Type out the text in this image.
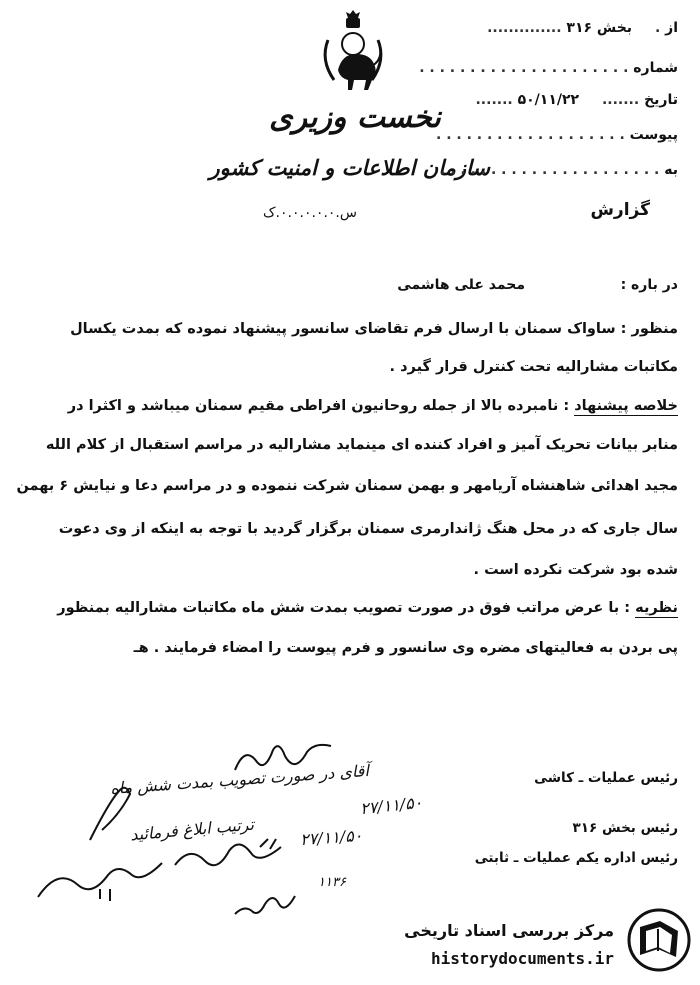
نخست وزیری
سازمان اطلاعات و امنیت کشور
س.۰.۰.۰.۰.۰.ک
از . بخش ۳۱۶ ..............
شماره . . . . . . . . . . . . . . . . . . . . .
تاریخ ....... ۵۰/۱۱/۲۲ .......
پیوست . . . . . . . . . . . . . . . . . . .
به . . . . . . . . . . . . . . . . . . . . . .
گزارش
در باره :
محمد علی هاشمی
منظور : ساواک سمنان با ارسال فرم تقاضای سانسور پیشنهاد نموده که بمدت یکسال
مکاتبات مشارالیه تحت کنترل قرار گیرد .
خلاصه پیشنهاد : نامبرده بالا از جمله روحانیون افراطی مقیم سمنان میباشد و اکثرا در
منابر بیانات تحریک آمیز و افراد کننده ای مینماید مشارالیه در مراسم استقبال از کلام الله
مجید اهدائی شاهنشاه آریامهر و بهمن سمنان شرکت ننموده و در مراسم دعا و نیایش ۶ بهمن
سال جاری که در محل هنگ ژاندارمری سمنان برگزار گردید با توجه به اینکه از وی دعوت
شده بود شرکت نکرده است .
نظریه : با عرض مراتب فوق در صورت تصویب بمدت شش ماه مکاتبات مشارالیه بمنظور
پی بردن به فعالیتهای مضره وی سانسور و فرم پیوست را امضاء فرمایند . هـ
رئیس عملیات ـ کاشی
رئیس بخش ۳۱۶
رئیس اداره یکم عملیات ـ ثابتی
آقای در صورت تصویب بمدت شش ماه
ترتیب ابلاغ فرمائید
۲۷/۱۱/۵۰
۲۷/۱۱/۵۰
۱۱۳۶
مرکز بررسی اسناد تاریخی
historydocuments.ir
